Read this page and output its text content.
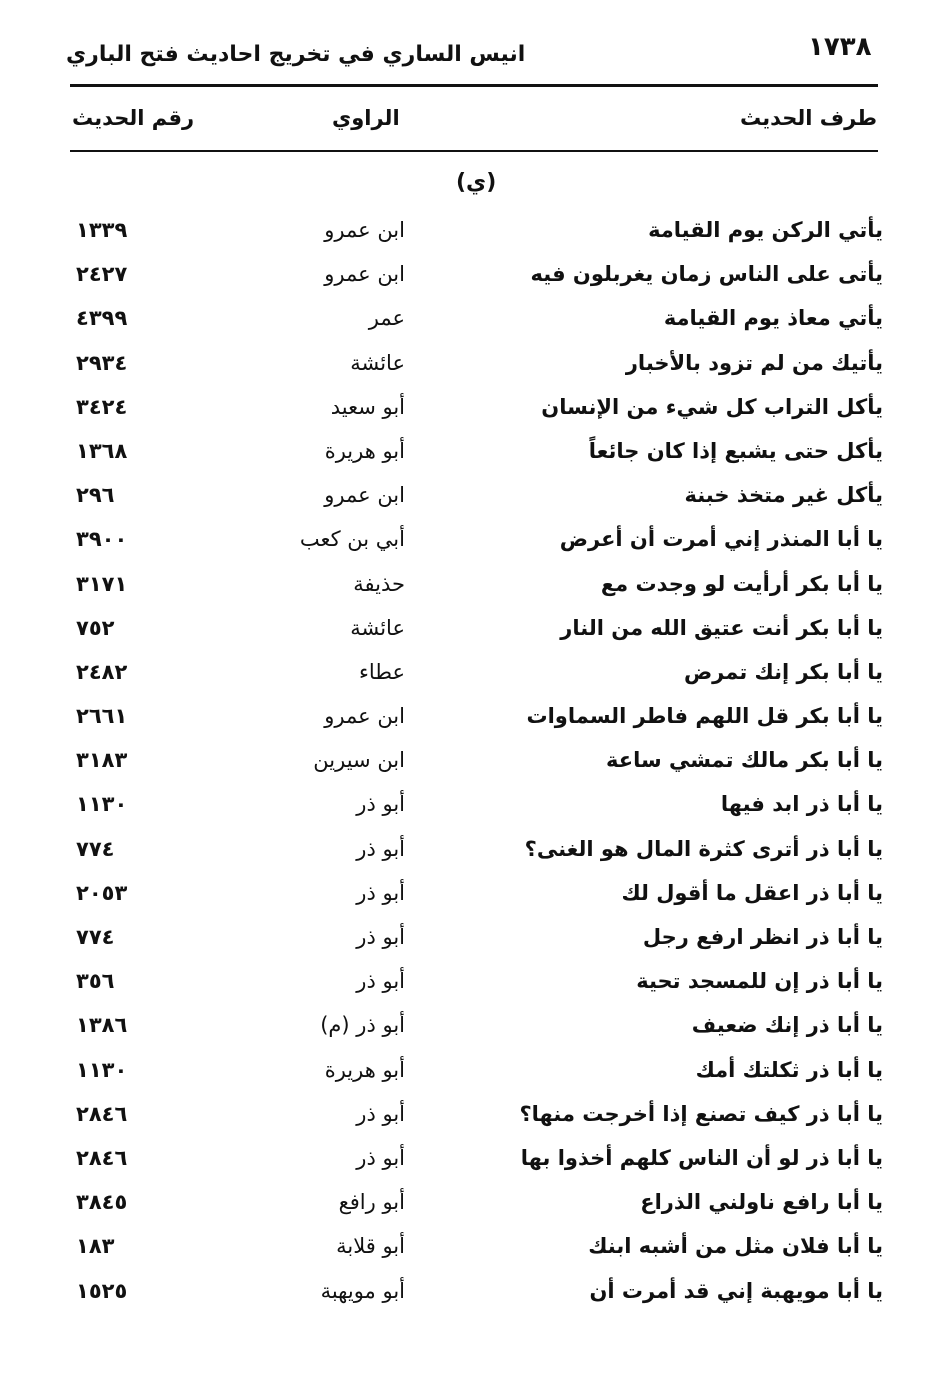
١٧٣٨
انيس الساري في تخريج احاديث فتح الباري
طرف الحديث
الراوي
رقم الحديث
(ي)
يأتي الركن يوم القيامة
ابن عمرو
١٣٣٩
يأتى على الناس زمان يغربلون فيه
ابن عمرو
٢٤٢٧
يأتي معاذ يوم القيامة
عمر
٤٣٩٩
يأتيك من لم تزود بالأخبار
عائشة
٢٩٣٤
يأكل التراب كل شيء من الإنسان
أبو سعيد
٣٤٢٤
يأكل حتى يشبع إذا كان جائعاً
أبو هريرة
١٣٦٨
يأكل غير متخذ خبنة
ابن عمرو
٢٩٦
يا أبا المنذر إني أمرت أن أعرض
أبي بن كعب
٣٩٠٠
يا أبا بكر أرأيت لو وجدت مع
حذيفة
٣١٧١
يا أبا بكر أنت عتيق الله من النار
عائشة
٧٥٢
يا أبا بكر إنك تمرض
عطاء
٢٤٨٢
يا أبا بكر قل اللهم فاطر السماوات
ابن عمرو
٢٦٦١
يا أبا بكر مالك تمشي ساعة
ابن سيرين
٣١٨٣
يا أبا ذر ابد فيها
أبو ذر
١١٣٠
يا أبا ذر أترى كثرة المال هو الغنى؟
أبو ذر
٧٧٤
يا أبا ذر اعقل ما أقول لك
أبو ذر
٢٠٥٣
يا أبا ذر انظر ارفع رجل
أبو ذر
٧٧٤
يا أبا ذر إن للمسجد تحية
أبو ذر
٣٥٦
يا أبا ذر إنك ضعيف
أبو ذر (م)
١٣٨٦
يا أبا ذر ثكلتك أمك
أبو هريرة
١١٣٠
يا أبا ذر كيف تصنع إذا أخرجت منها؟
أبو ذر
٢٨٤٦
يا أبا ذر لو أن الناس كلهم أخذوا بها
أبو ذر
٢٨٤٦
يا أبا رافع ناولني الذراع
أبو رافع
٣٨٤٥
يا أبا فلان مثل من أشبه ابنك
أبو قلابة
١٨٣
يا أبا مويهبة إني قد أمرت أن
أبو مويهبة
١٥٢٥
